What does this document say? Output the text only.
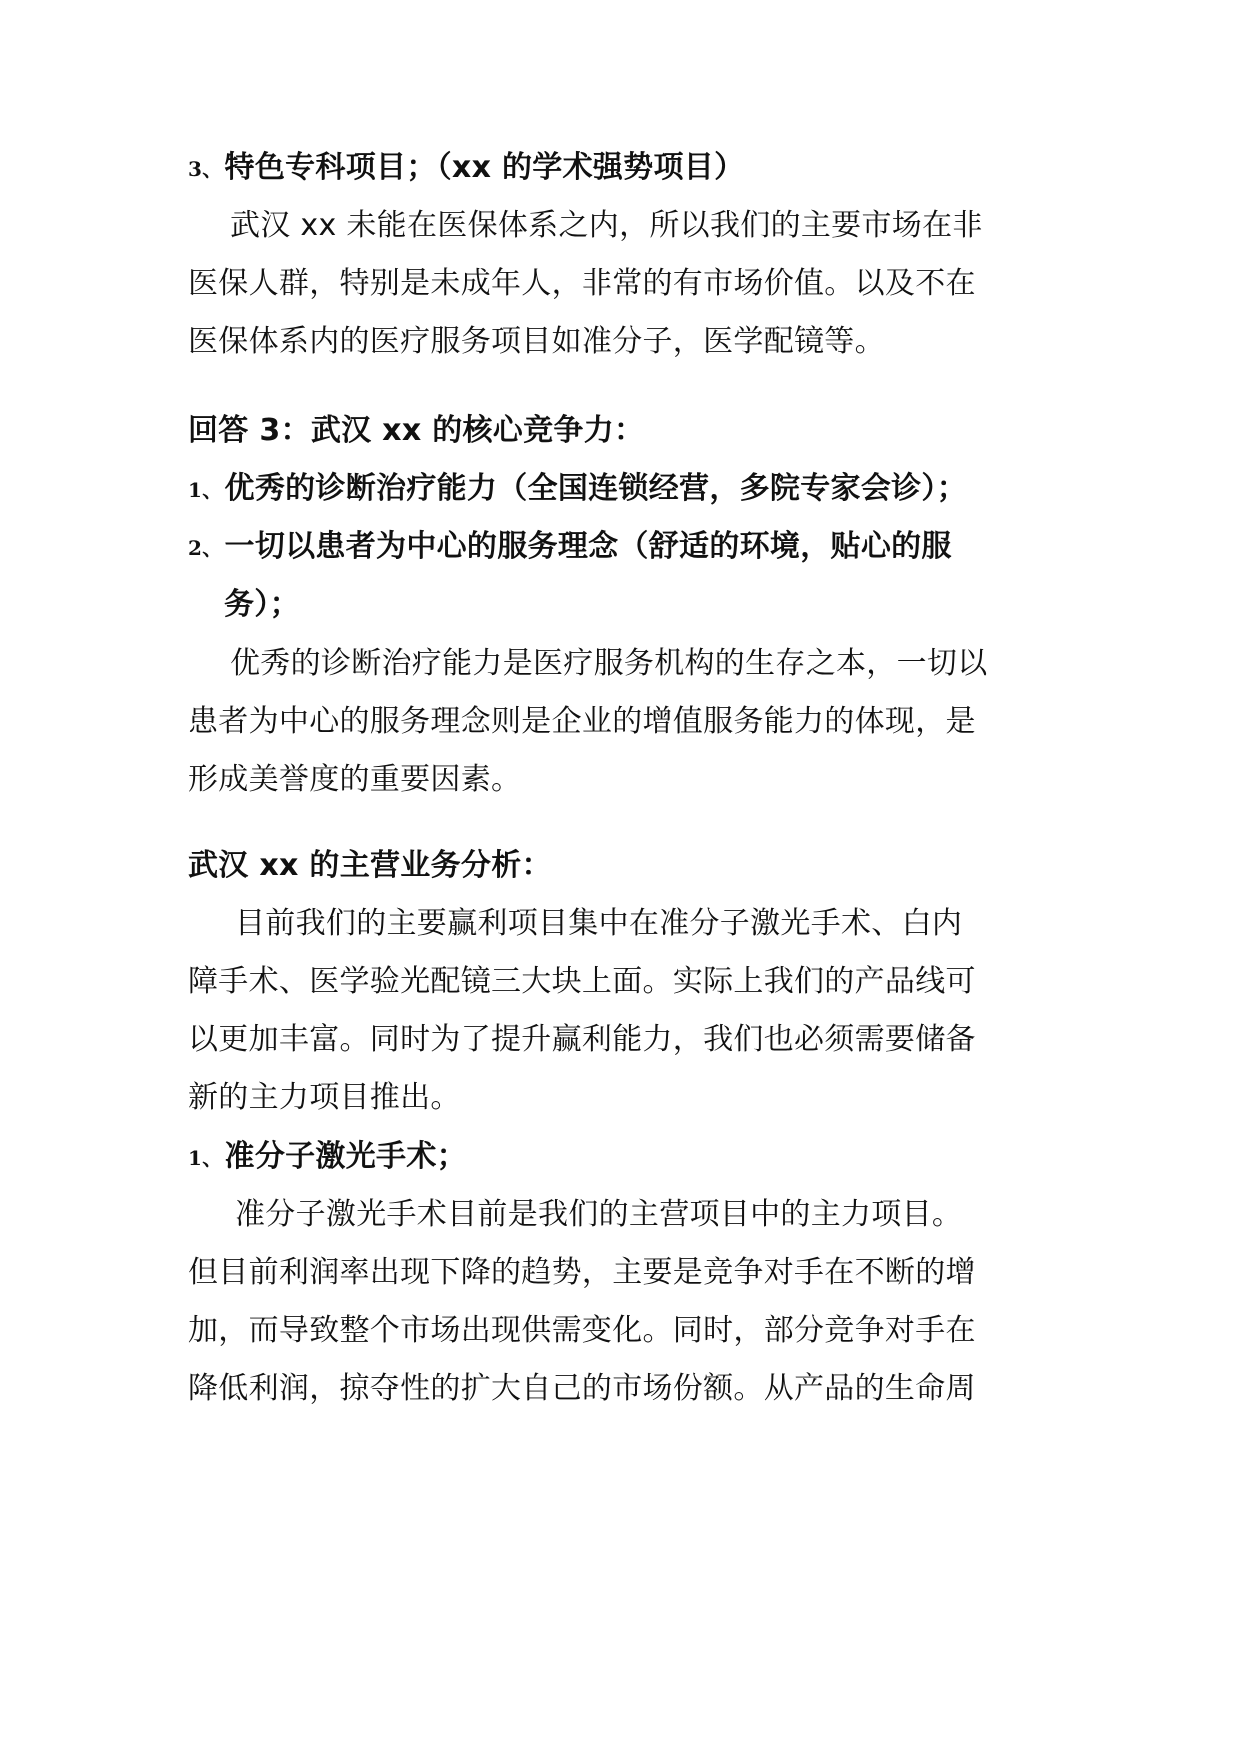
3、特色专科项目；（xx 的学术强势项目）
武汉 xx 未能在医保体系之内，所以我们的主要市场在非
医保人群，特别是未成年人，非常的有市场价值。以及不在
医保体系内的医疗服务项目如准分子，医学配镜等。
回答 3：武汉 xx 的核心竞争力：
1、优秀的诊断治疗能力（全国连锁经营，多院专家会诊）；
2、一切以患者为中心的服务理念（舒适的环境，贴心的服
务）；
优秀的诊断治疗能力是医疗服务机构的生存之本，一切以
患者为中心的服务理念则是企业的增值服务能力的体现，是
形成美誉度的重要因素。
武汉 xx 的主营业务分析：
目前我们的主要赢利项目集中在准分子激光手术、白内
障手术、医学验光配镜三大块上面。实际上我们的产品线可
以更加丰富。同时为了提升赢利能力，我们也必须需要储备
新的主力项目推出。
1、准分子激光手术；
准分子激光手术目前是我们的主营项目中的主力项目。
但目前利润率出现下降的趋势，主要是竞争对手在不断的增
加，而导致整个市场出现供需变化。同时，部分竞争对手在
降低利润，掠夺性的扩大自己的市场份额。从产品的生命周
